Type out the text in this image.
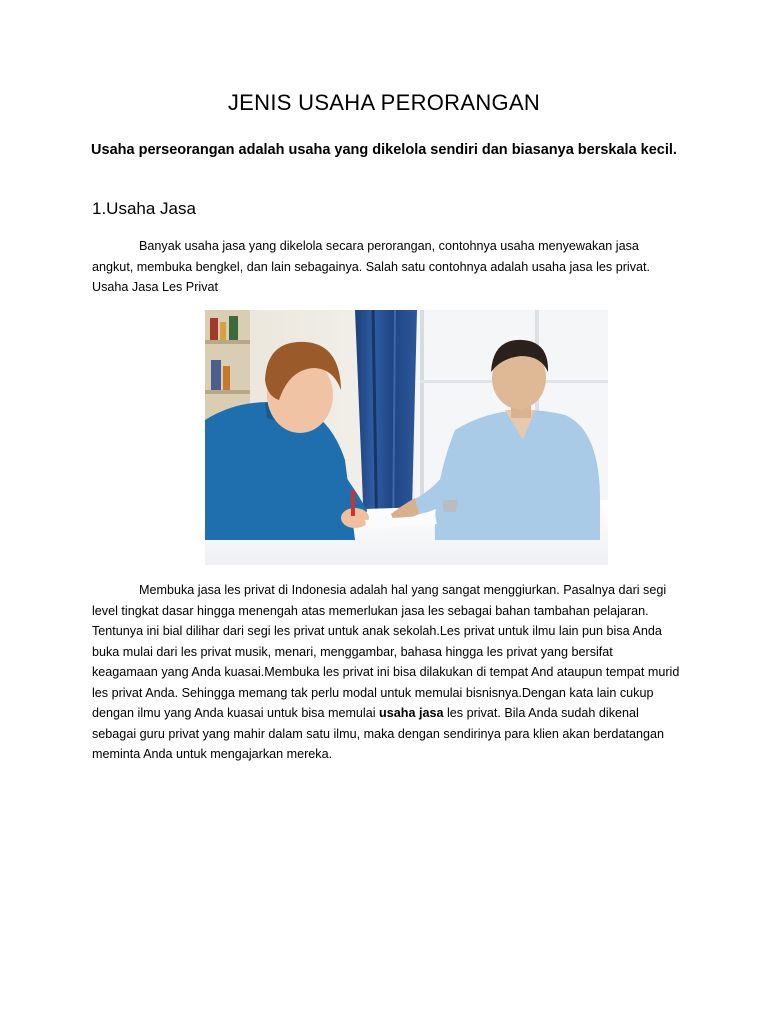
JENIS USAHA PERORANGAN
Usaha perseorangan adalah usaha yang dikelola sendiri dan biasanya berskala kecil.
1.Usaha Jasa

Banyak usaha jasa yang dikelola secara perorangan, contohnya usaha menyewakan jasa angkut, membuka bengkel, dan lain sebagainya. Salah satu contohnya adalah usaha jasa les privat. Usaha Jasa Les Privat

Membuka jasa les privat di Indonesia adalah hal yang sangat menggiurkan. Pasalnya dari segi level tingkat dasar hingga menengah atas memerlukan jasa les sebagai bahan tambahan pelajaran. Tentunya ini bial dilihar dari segi les privat untuk anak sekolah.Les privat untuk ilmu lain pun bisa Anda buka mulai dari les privat musik, menari, menggambar, bahasa hingga les privat yang bersifat keagamaan yang Anda kuasai.Membuka les privat ini bisa dilakukan di tempat And ataupun tempat murid les privat Anda. Sehingga memang tak perlu modal untuk memulai bisnisnya.Dengan kata lain cukup dengan ilmu yang Anda kuasai untuk bisa memulai usaha jasa les privat. Bila Anda sudah dikenal sebagai guru privat yang mahir dalam satu ilmu, maka dengan sendirinya para klien akan berdatangan meminta Anda untuk mengajarkan mereka.
